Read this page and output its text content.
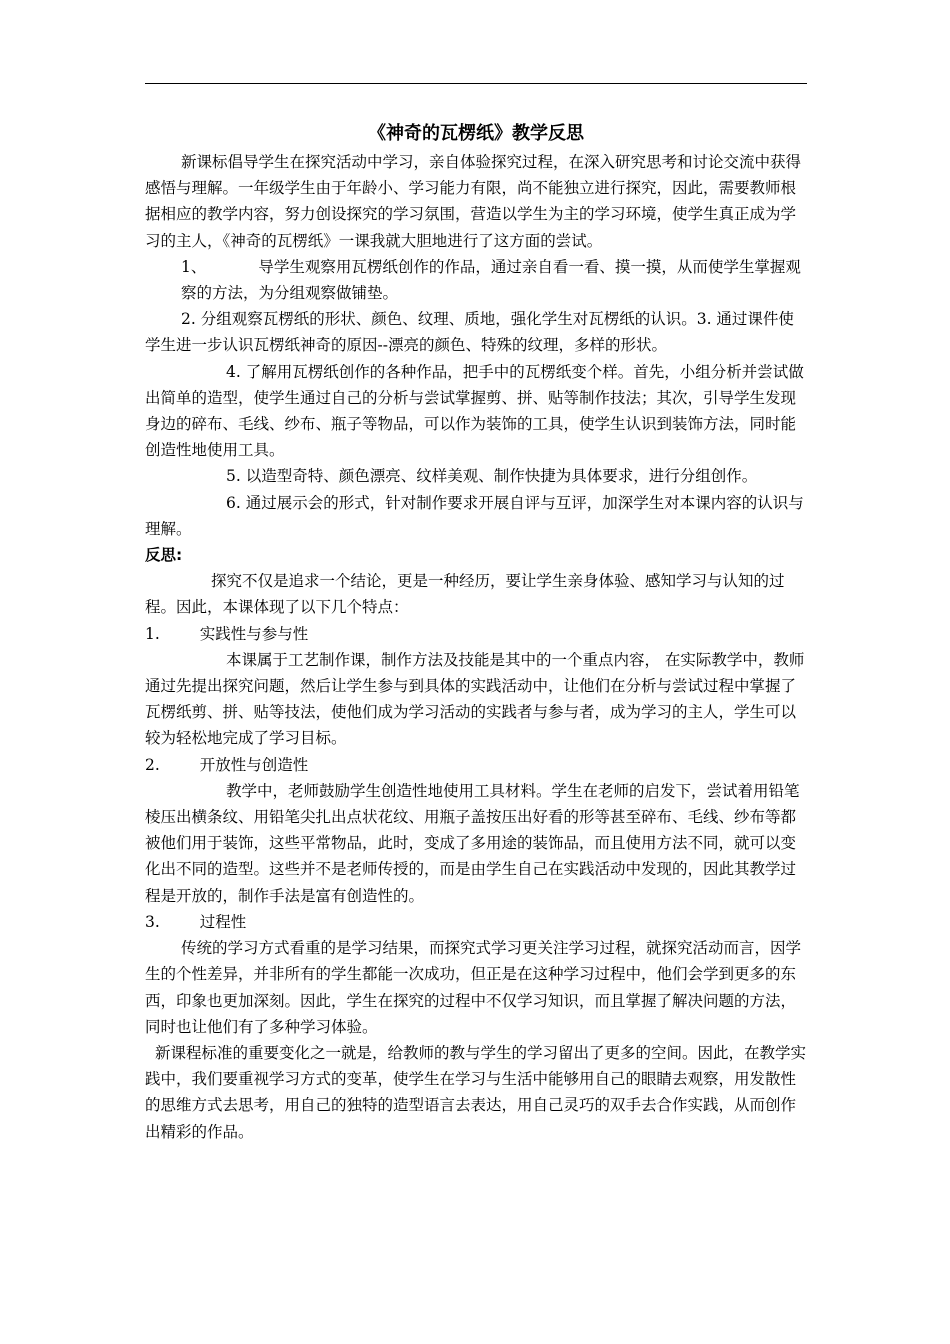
《神奇的瓦楞纸》教学反思

新课标倡导学生在探究活动中学习，亲自体验探究过程，在深入研究思考和讨论交流中获得感悟与理解。一年级学生由于年龄小、学习能力有限，尚不能独立进行探究，因此，需要教师根据相应的教学内容，努力创设探究的学习氛围，营造以学生为主的学习环境，使学生真正成为学习的主人，《神奇的瓦楞纸》一课我就大胆地进行了这方面的尝试。

1、	导学生观察用瓦楞纸创作的作品，通过亲自看一看、摸一摸，从而使学生掌握观察的方法，为分组观察做铺垫。

2. 分组观察瓦楞纸的形状、颜色、纹理、质地，强化学生对瓦楞纸的认识。3. 通过课件使学生进一步认识瓦楞纸神奇的原因--漂亮的颜色、特殊的纹理，多样的形状。

4. 了解用瓦楞纸创作的各种作品，把手中的瓦楞纸变个样。首先，小组分析并尝试做出简单的造型，使学生通过自己的分析与尝试掌握剪、拼、贴等制作技法；其次，引导学生发现身边的碎布、毛线、纱布、瓶子等物品，可以作为装饰的工具，使学生认识到装饰方法，同时能创造性地使用工具。

5. 以造型奇特、颜色漂亮、纹样美观、制作快捷为具体要求，进行分组创作。

6. 通过展示会的形式，针对制作要求开展自评与互评，加深学生对本课内容的认识与理解。

反思:

探究不仅是追求一个结论，更是一种经历，要让学生亲身体验、感知学习与认知的过程。因此，本课体现了以下几个特点：

1.	实践性与参与性

本课属于工艺制作课，制作方法及技能是其中的一个重点内容， 在实际教学中，教师通过先提出探究问题，然后让学生参与到具体的实践活动中，让他们在分析与尝试过程中掌握了瓦楞纸剪、拼、贴等技法，使他们成为学习活动的实践者与参与者，成为学习的主人，学生可以较为轻松地完成了学习目标。

2.	开放性与创造性

教学中，老师鼓励学生创造性地使用工具材料。学生在老师的启发下，尝试着用铅笔棱压出横条纹、用铅笔尖扎出点状花纹、用瓶子盖按压出好看的形等甚至碎布、毛线、纱布等都被他们用于装饰，这些平常物品，此时，变成了多用途的装饰品，而且使用方法不同，就可以变化出不同的造型。这些并不是老师传授的，而是由学生自己在实践活动中发现的，因此其教学过程是开放的，制作手法是富有创造性的。

3.	过程性

传统的学习方式看重的是学习结果，而探究式学习更关注学习过程，就探究活动而言，因学生的个性差异，并非所有的学生都能一次成功，但正是在这种学习过程中，他们会学到更多的东西，印象也更加深刻。因此，学生在探究的过程中不仅学习知识，而且掌握了解决问题的方法，同时也让他们有了多种学习体验。

新课程标准的重要变化之一就是，给教师的教与学生的学习留出了更多的空间。因此，在教学实践中，我们要重视学习方式的变革，使学生在学习与生活中能够用自己的眼睛去观察，用发散性的思维方式去思考，用自己的独特的造型语言去表达，用自己灵巧的双手去合作实践，从而创作出精彩的作品。
